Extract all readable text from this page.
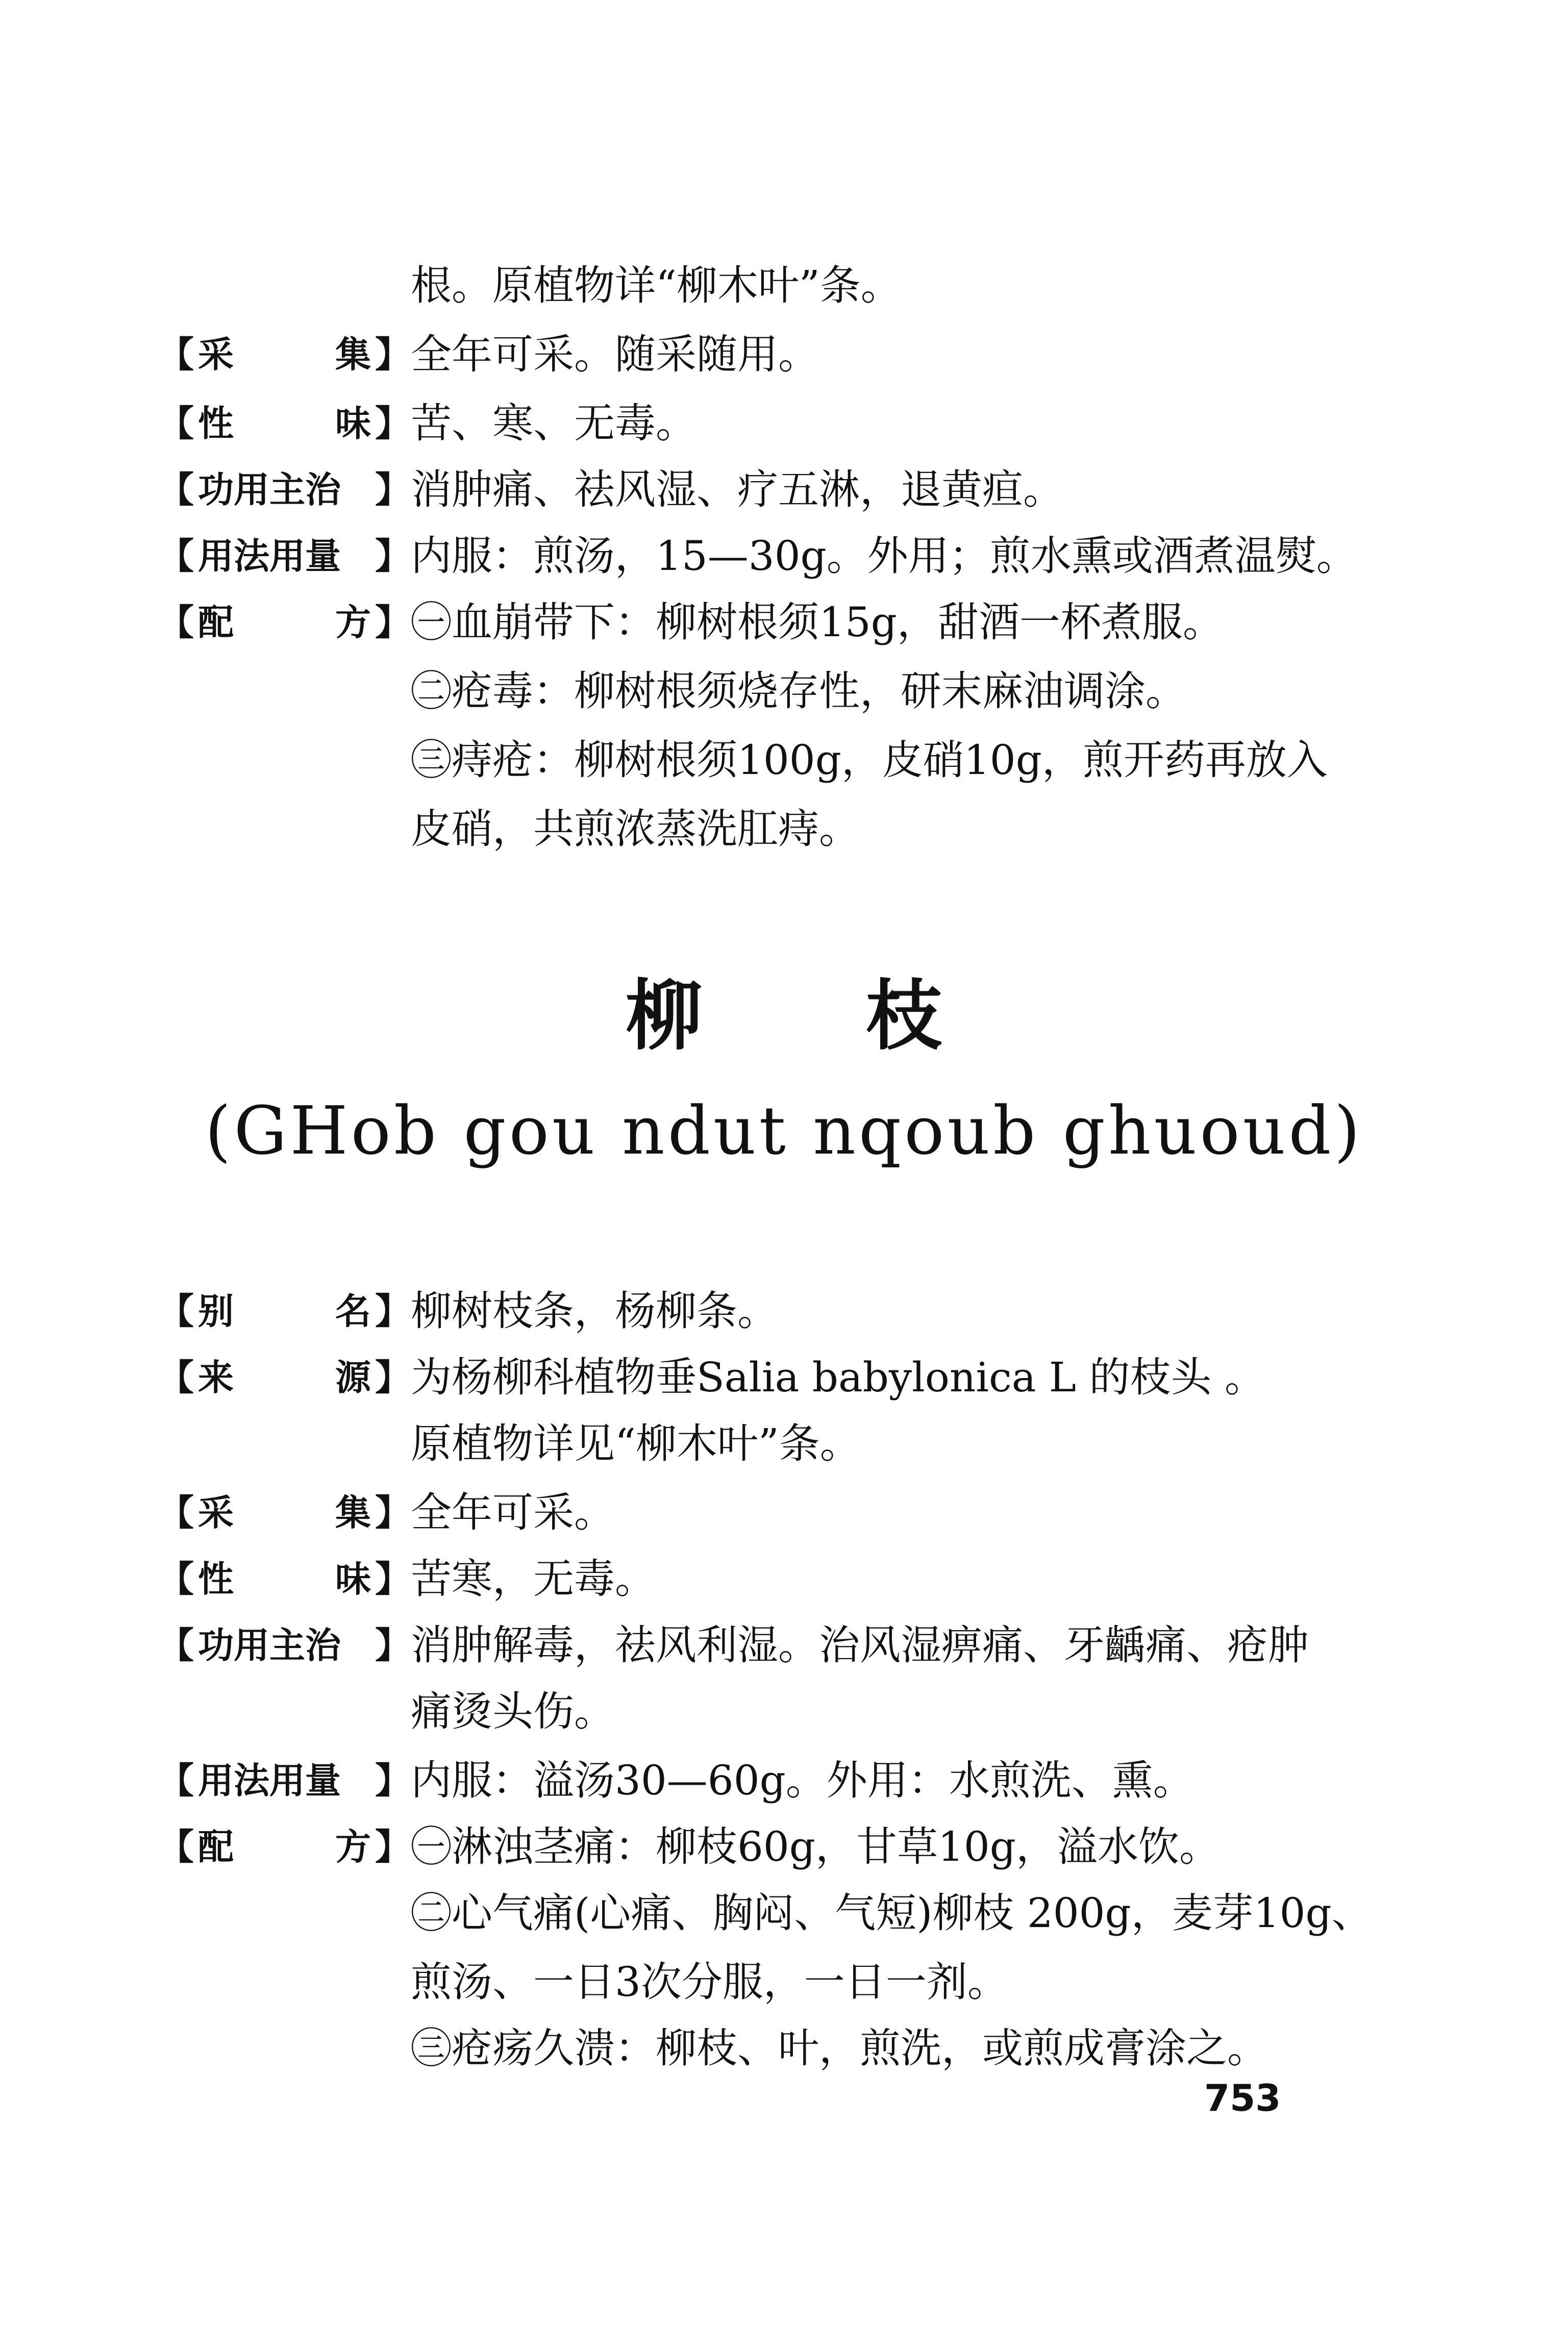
根。原植物详“柳木叶”条。
【 采	集 】 全年可采。随采随用。
【 性	味 】 苦、寒、无毒。
【 功用主治 】 消肿痛、祛风湿、疗五淋，退黄疸。
【 用法用量 】 内服：煎汤，15—30g。外用；煎水熏或酒煮温熨。
【 配	方 】 ㊀血崩带下：柳树根须15g，甜酒一杯煮服。
㊁疮毒：柳树根须烧存性，研末麻油调涂。
㊂痔疮：柳树根须100g，皮硝10g，煎开药再放入
皮硝，共煎浓蒸洗肛痔。
柳枝
(GHob gou ndut nqoub ghuoud)
【 别	名 】 柳树枝条，杨柳条。
【 来	源 】 为杨柳科植物垂Salia babylonica L 的枝头 。
原植物详见“柳木叶”条。
【 采	集 】 全年可采。
【 性	味 】 苦寒，无毒。
【 功用主治 】 消肿解毒，祛风利湿。治风湿痹痛、牙齲痛、疮肿
痛烫头伤。
【 用法用量 】 内服：溢汤30—60g。外用：水煎洗、熏。
【 配	方 】 ㊀淋浊茎痛：柳枝60g，甘草10g，溢水饮。
㊁心气痛(心痛、胸闷、气短)柳枝 200g，麦芽10g、
煎汤、一日3次分服，一日一剂。
㊂疮疡久溃：柳枝、叶，煎洗，或煎成膏涂之。
753
